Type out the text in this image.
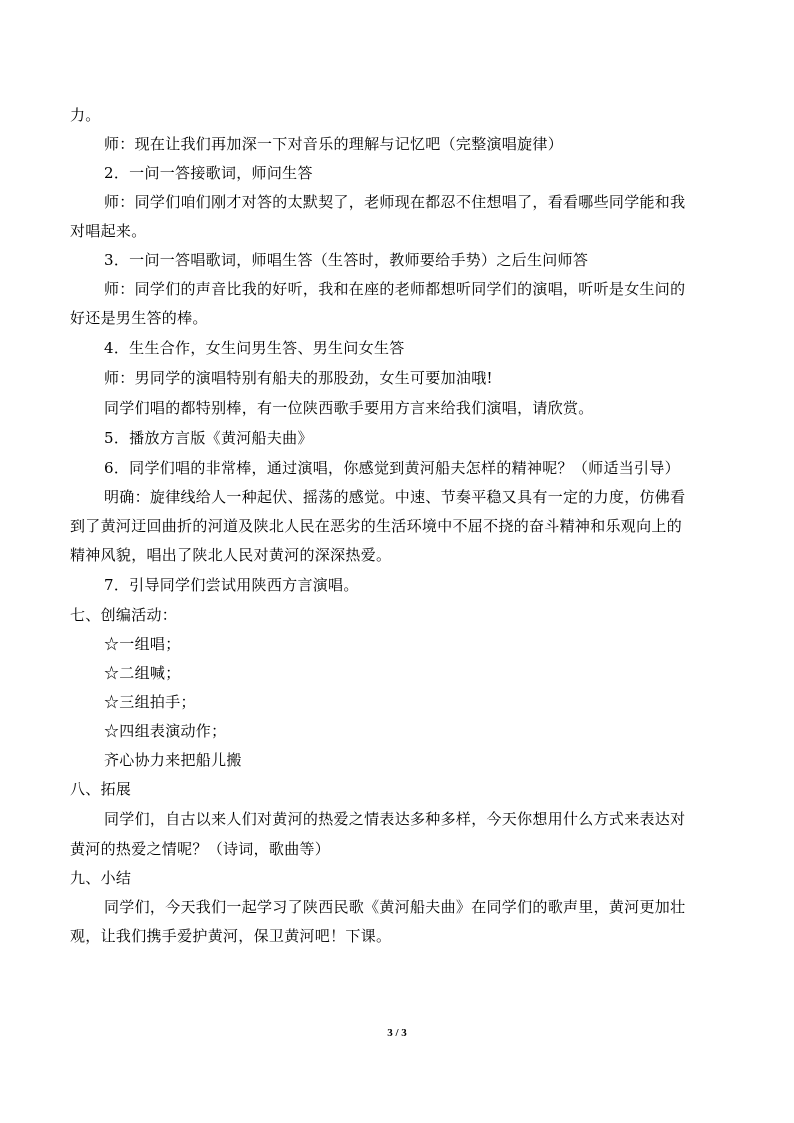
力。
师：现在让我们再加深一下对音乐的理解与记忆吧（完整演唱旋律）
2．一问一答接歌词，师问生答
师：同学们咱们刚才对答的太默契了，老师现在都忍不住想唱了，看看哪些同学能和我
对唱起来。
3．一问一答唱歌词，师唱生答（生答时，教师要给手势）之后生问师答
师：同学们的声音比我的好听，我和在座的老师都想听同学们的演唱，听听是女生问的
好还是男生答的棒。
4．生生合作，女生问男生答、男生问女生答
师：男同学的演唱特别有船夫的那股劲，女生可要加油哦!
同学们唱的都特别棒，有一位陕西歌手要用方言来给我们演唱，请欣赏。
5．播放方言版《黄河船夫曲》
6．同学们唱的非常棒，通过演唱，你感觉到黄河船夫怎样的精神呢？（师适当引导）
明确：旋律线给人一种起伏、摇荡的感觉。中速、节奏平稳又具有一定的力度，仿佛看
到了黄河迂回曲折的河道及陕北人民在恶劣的生活环境中不屈不挠的奋斗精神和乐观向上的
精神风貌，唱出了陕北人民对黄河的深深热爱。
7．引导同学们尝试用陕西方言演唱。
七、创编活动：
☆一组唱；
☆二组喊；
☆三组拍手；
☆四组表演动作；
齐心协力来把船儿搬
八、拓展
同学们，自古以来人们对黄河的热爱之情表达多种多样，今天你想用什么方式来表达对
黄河的热爱之情呢？（诗词，歌曲等）
九、小结
同学们，今天我们一起学习了陕西民歌《黄河船夫曲》在同学们的歌声里，黄河更加壮
观，让我们携手爱护黄河，保卫黄河吧！下课。
3 / 3
